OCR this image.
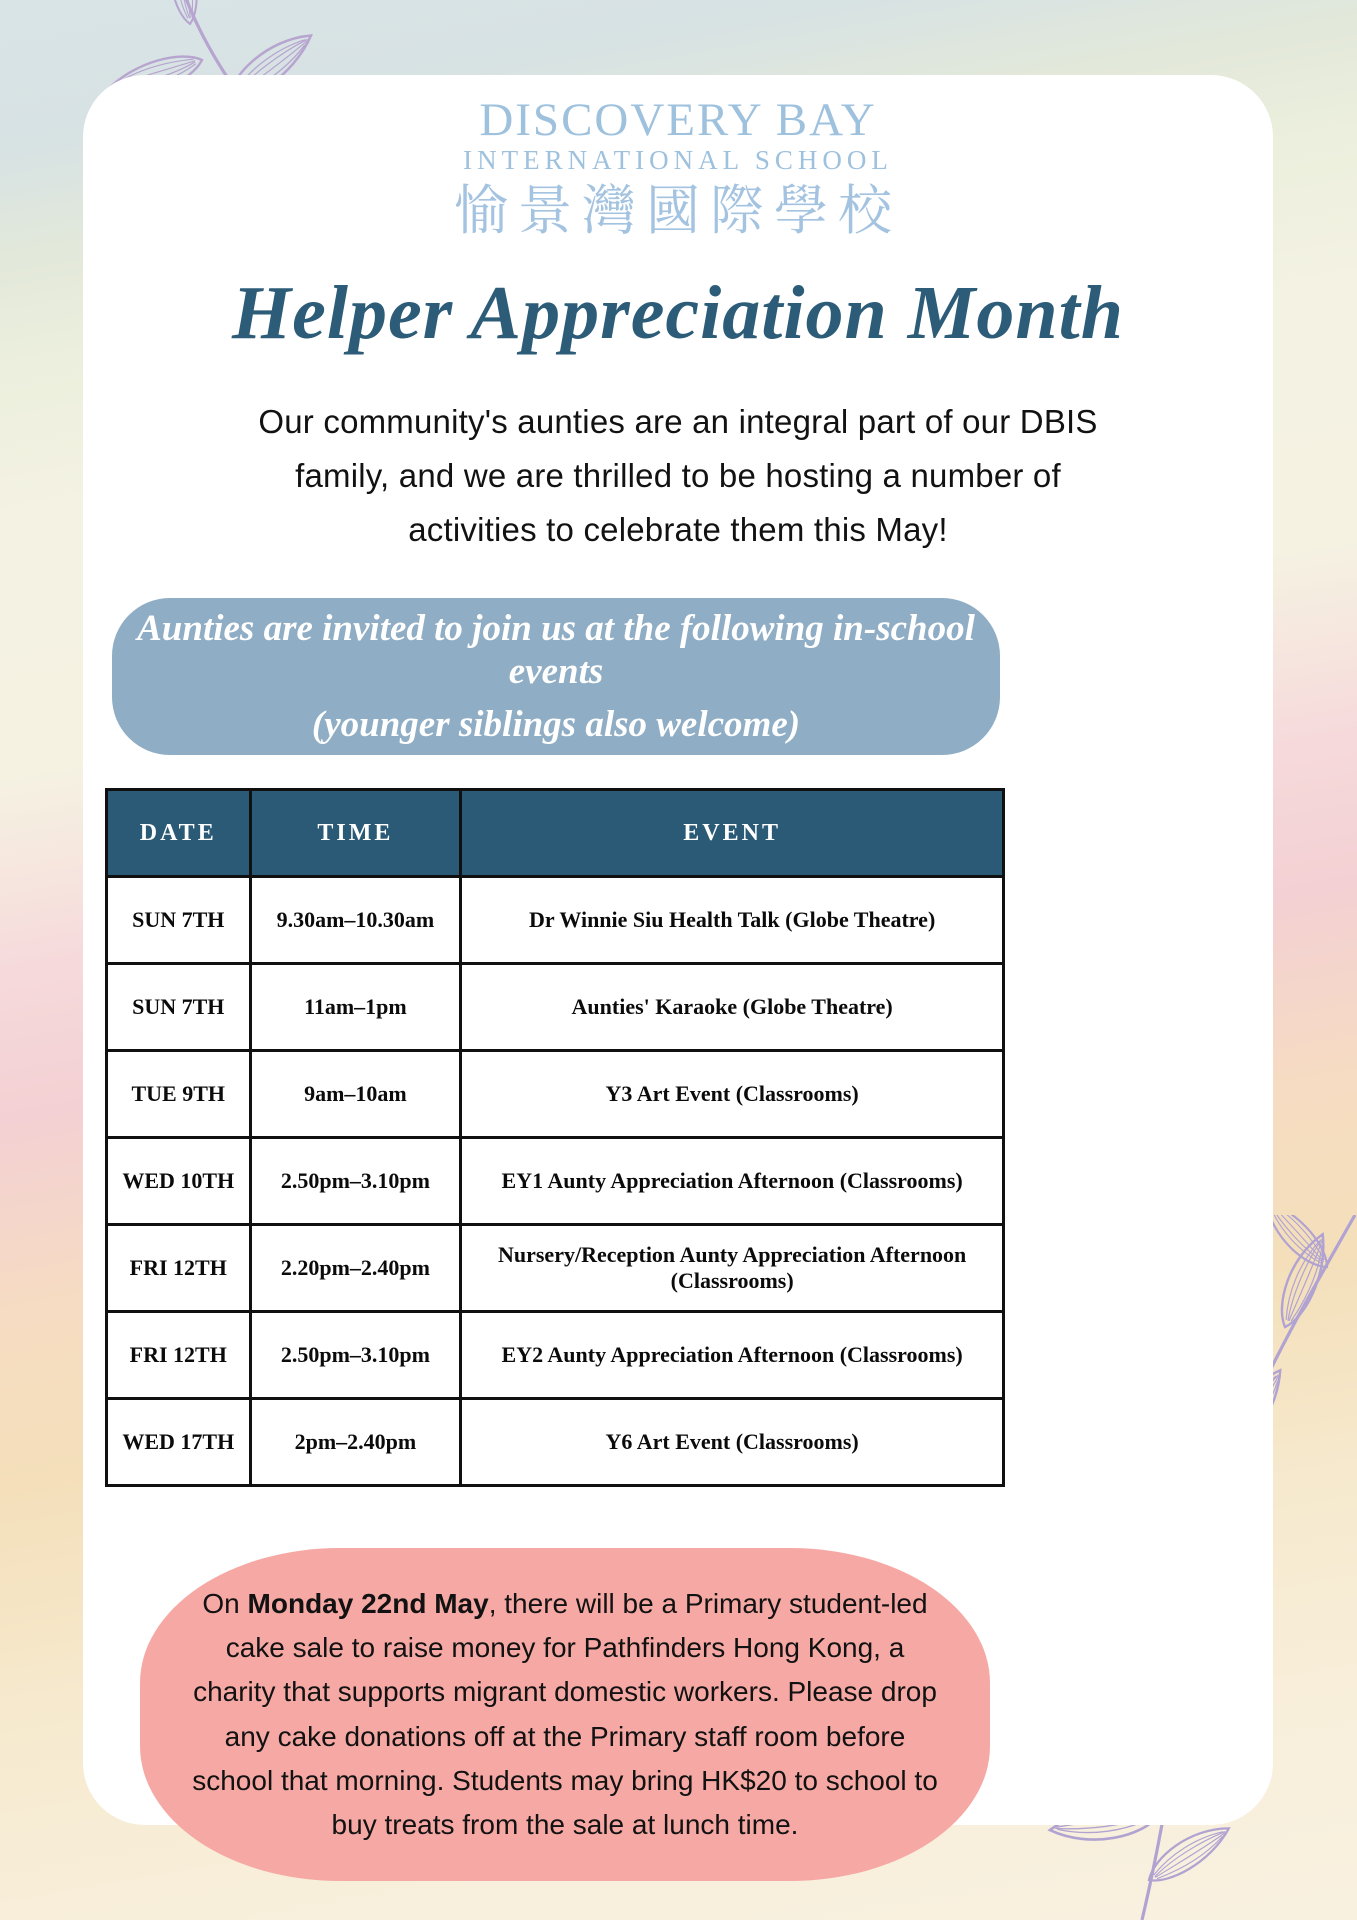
DISCOVERY BAY
INTERNATIONAL SCHOOL
愉景灣國際學校
Helper Appreciation Month

Our community's aunties are an integral part of our DBIS family, and we are thrilled to be hosting a number of activities to celebrate them this May!

Aunties are invited to join us at the following in-school events
(younger siblings also welcome)
DATE	TIME	EVENT
SUN 7TH	9.30am–10.30am	Dr Winnie Siu Health Talk (Globe Theatre)
SUN 7TH	11am–1pm	Aunties' Karaoke (Globe Theatre)
TUE 9TH	9am–10am	Y3 Art Event (Classrooms)
WED 10TH	2.50pm–3.10pm	EY1 Aunty Appreciation Afternoon (Classrooms)
FRI 12TH	2.20pm–2.40pm	Nursery/Reception Aunty Appreciation Afternoon (Classrooms)
FRI 12TH	2.50pm–3.10pm	EY2 Aunty Appreciation Afternoon (Classrooms)
WED 17TH	2pm–2.40pm	Y6 Art Event (Classrooms)

On Monday 22nd May, there will be a Primary student-led cake sale to raise money for Pathfinders Hong Kong, a charity that supports migrant domestic workers. Please drop any cake donations off at the Primary staff room before school that morning. Students may bring HK$20 to school to buy treats from the sale at lunch time.
